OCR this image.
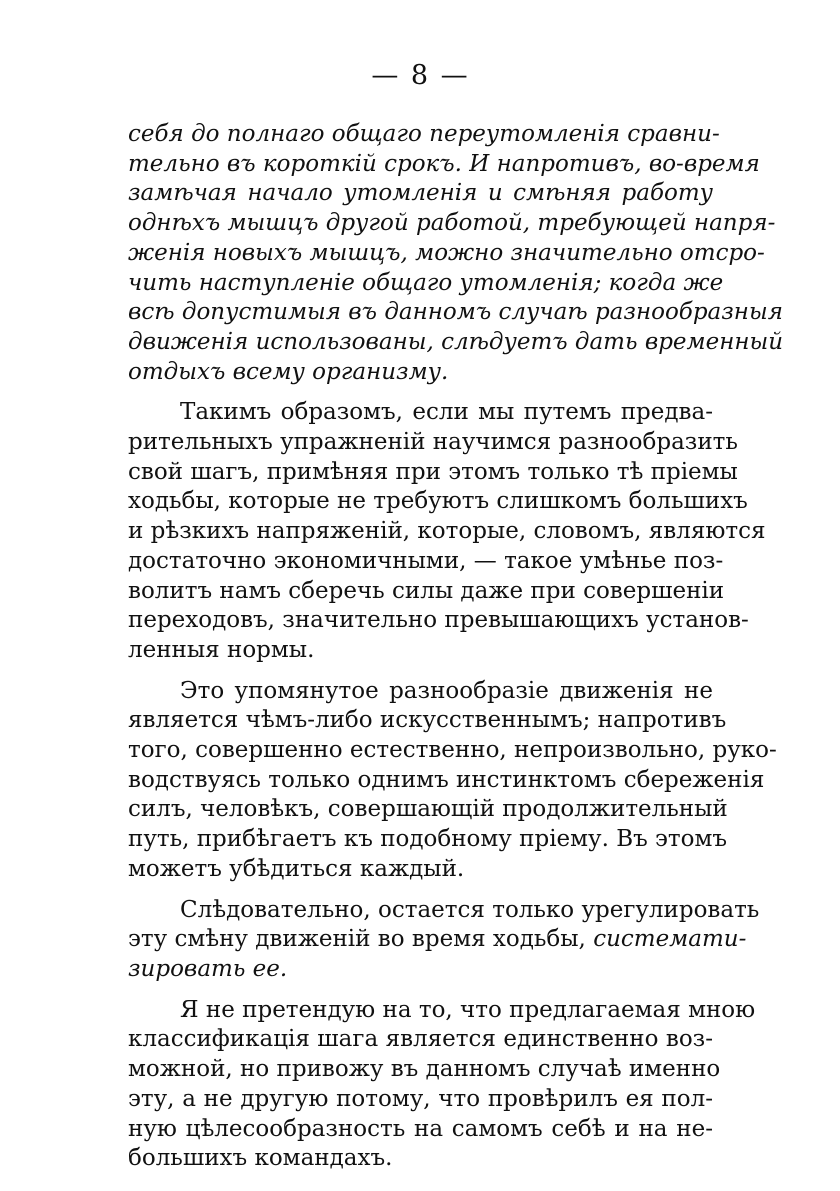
— 8 —

себя до полнаго общаго переутомленія сравни-
тельно въ короткій срокъ. И напротивъ, во-время
замѣчая начало утомленія и смѣняя работу
однѣхъ мышцъ другой работой, требующей напря-
женія новыхъ мышцъ, можно значительно отсро-
чить наступленіе общаго утомленія; когда же
всѣ допустимыя въ данномъ случаѣ разнообразныя
движенія использованы, слѣдуетъ дать временный
отдыхъ всему организму.

Такимъ образомъ, если мы путемъ предва-
рительныхъ упражненій научимся разнообразить
свой шагъ, примѣняя при этомъ только тѣ пріемы
ходьбы, которые не требуютъ слишкомъ большихъ
и рѣзкихъ напряженій, которые, словомъ, являются
достаточно экономичными, — такое умѣнье поз-
волитъ намъ сберечь силы даже при совершеніи
переходовъ, значительно превышающихъ установ-
ленныя нормы.

Это упомянутое разнообразіе движенія не
является чѣмъ-либо искусственнымъ; напротивъ
того, совершенно естественно, непроизвольно, руко-
водствуясь только однимъ инстинктомъ сбереженія
силъ, человѣкъ, совершающій продолжительный
путь, прибѣгаетъ къ подобному пріему. Въ этомъ
можетъ убѣдиться каждый.

Слѣдовательно, остается только урегулировать
эту смѣну движеній во время ходьбы, системати-
зировать ее.

Я не претендую на то, что предлагаемая мною
классификація шага является единственно воз-
можной, но привожу въ данномъ случаѣ именно
эту, а не другую потому, что провѣрилъ ея пол-
ную цѣлесообразность на самомъ себѣ и на не-
большихъ командахъ.
